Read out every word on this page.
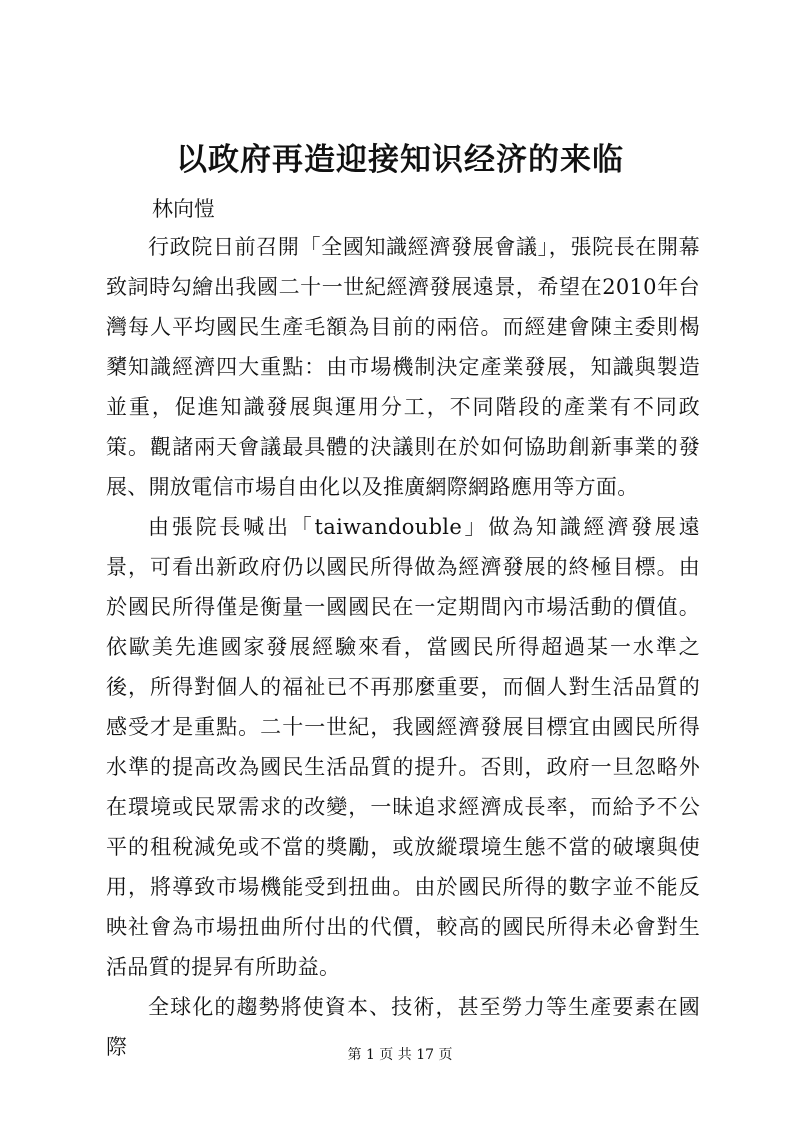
以政府再造迎接知识经济的来临

林向愷

行政院日前召開「全國知識經濟發展會議」，張院長在開幕致詞時勾繪出我國二十一世紀經濟發展遠景，希望在2010年台灣每人平均國民生產毛額為目前的兩倍。而經建會陳主委則楬櫫知識經濟四大重點：由市場機制決定產業發展，知識與製造並重，促進知識發展與運用分工，不同階段的產業有不同政策。觀諸兩天會議最具體的決議則在於如何協助創新事業的發展、開放電信市場自由化以及推廣網際網路應用等方面。

由張院長喊出「taiwandouble」做為知識經濟發展遠景，可看出新政府仍以國民所得做為經濟發展的終極目標。由於國民所得僅是衡量一國國民在一定期間內市場活動的價值。依歐美先進國家發展經驗來看，當國民所得超過某一水準之後，所得對個人的福祉已不再那麼重要，而個人對生活品質的感受才是重點。二十一世紀，我國經濟發展目標宜由國民所得水準的提高改為國民生活品質的提升。否則，政府一旦忽略外在環境或民眾需求的改變，一昧追求經濟成長率，而給予不公平的租稅減免或不當的獎勵，或放縱環境生態不當的破壞與使用，將導致市場機能受到扭曲。由於國民所得的數字並不能反映社會為市場扭曲所付出的代價，較高的國民所得未必會對生活品質的提昇有所助益。

全球化的趨勢將使資本、技術，甚至勞力等生產要素在國際	第 1 页 共 17 页
